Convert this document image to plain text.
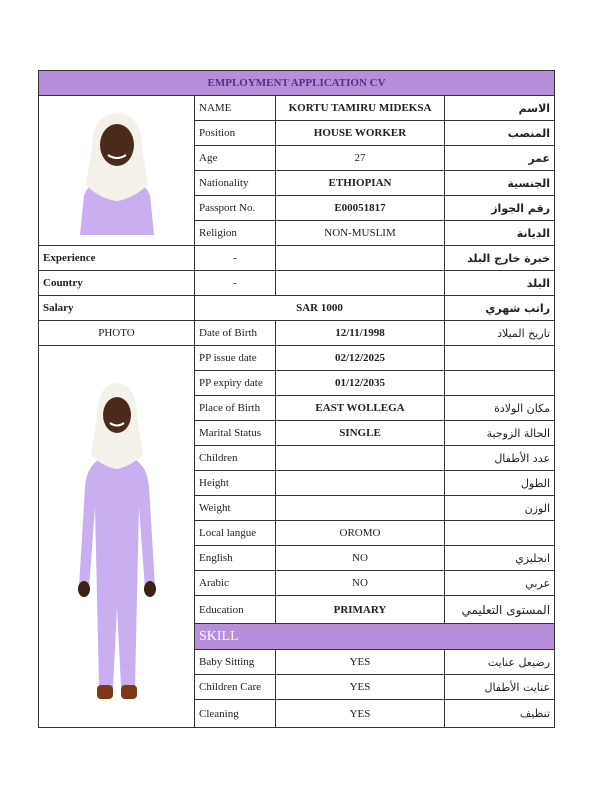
EMPLOYMENT APPLICATION CV			

	NAME	KORTU TAMIRU MIDEKSA	الاسم
	Position	HOUSE WORKER	المنصب
	Age	27	عمر
	Nationality	ETHIOPIAN	الجنسية
	Passport No.	E00051817	رقم الجواز
	Religion	NON-MUSLIM	الديانة
Experience	-		خبرة خارج البلد
Country	-		البلد
Salary	SAR 1000		راتب شهري
PHOTO	Date of Birth	12/11/1998	تاريخ الميلاد

	PP issue date	02/12/2025	
	PP expiry date	01/12/2035	
	Place of Birth	EAST WOLLEGA	مكان الولادة
	Marital Status	SINGLE	الحالة الزوجية
	Children		عدد الأطفال
	Height		الطول
	Weight		الوزن
	Local langue	OROMO	
	English	NO	انجليزي
	Arabic	NO	عربي
	Education	PRIMARY	المستوى التعليمي
	SKILL		
	Baby Sitting	YES	رضيعل عنايت
	Children Care	YES	عنايت الأطفال
	Cleaning	YES	تنظيف
